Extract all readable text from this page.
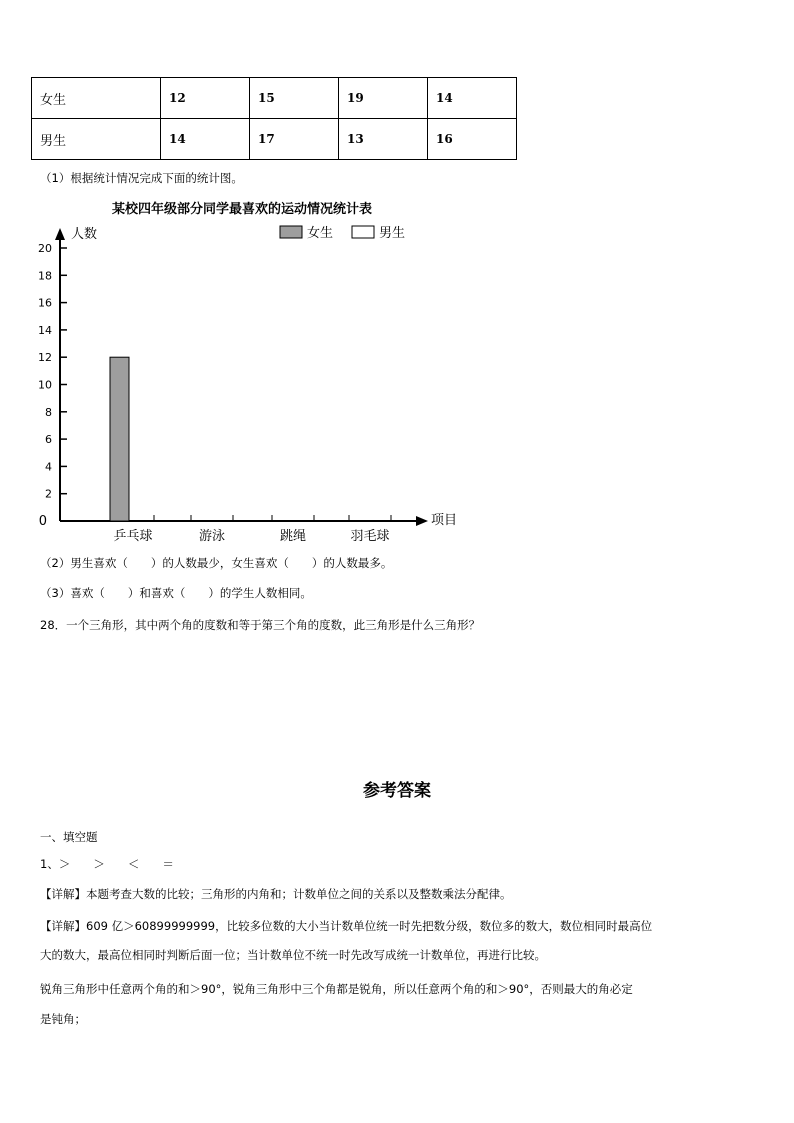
女生	12	15	19	14
男生	14	17	13	16
（1）根据统计情况完成下面的统计图。
某校四年级部分同学最喜欢的运动情况统计表
人数	女生	男生
项目
20
18
16
14
12
10
8
6
4
2
0
乒乓球	游泳	跳绳	羽毛球
（2）男生喜欢（　　）的人数最少，女生喜欢（　　）的人数最多。
（3）喜欢（　　）和喜欢（　　）的学生人数相同。
28．一个三角形，其中两个角的度数和等于第三个角的度数，此三角形是什么三角形？
参考答案
一、填空题
1、＞　　＞　　＜　　＝
【详解】本题考查大数的比较；三角形的内角和；计数单位之间的关系以及整数乘法分配律。
【详解】609 亿＞60899999999，比较多位数的大小当计数单位统一时先把数分级，数位多的数大，数位相同时最高位
大的数大，最高位相同时判断后面一位；当计数单位不统一时先改写成统一计数单位，再进行比较。
锐角三角形中任意两个角的和＞90°，锐角三角形中三个角都是锐角，所以任意两个角的和＞90°，否则最大的角必定
是钝角；
